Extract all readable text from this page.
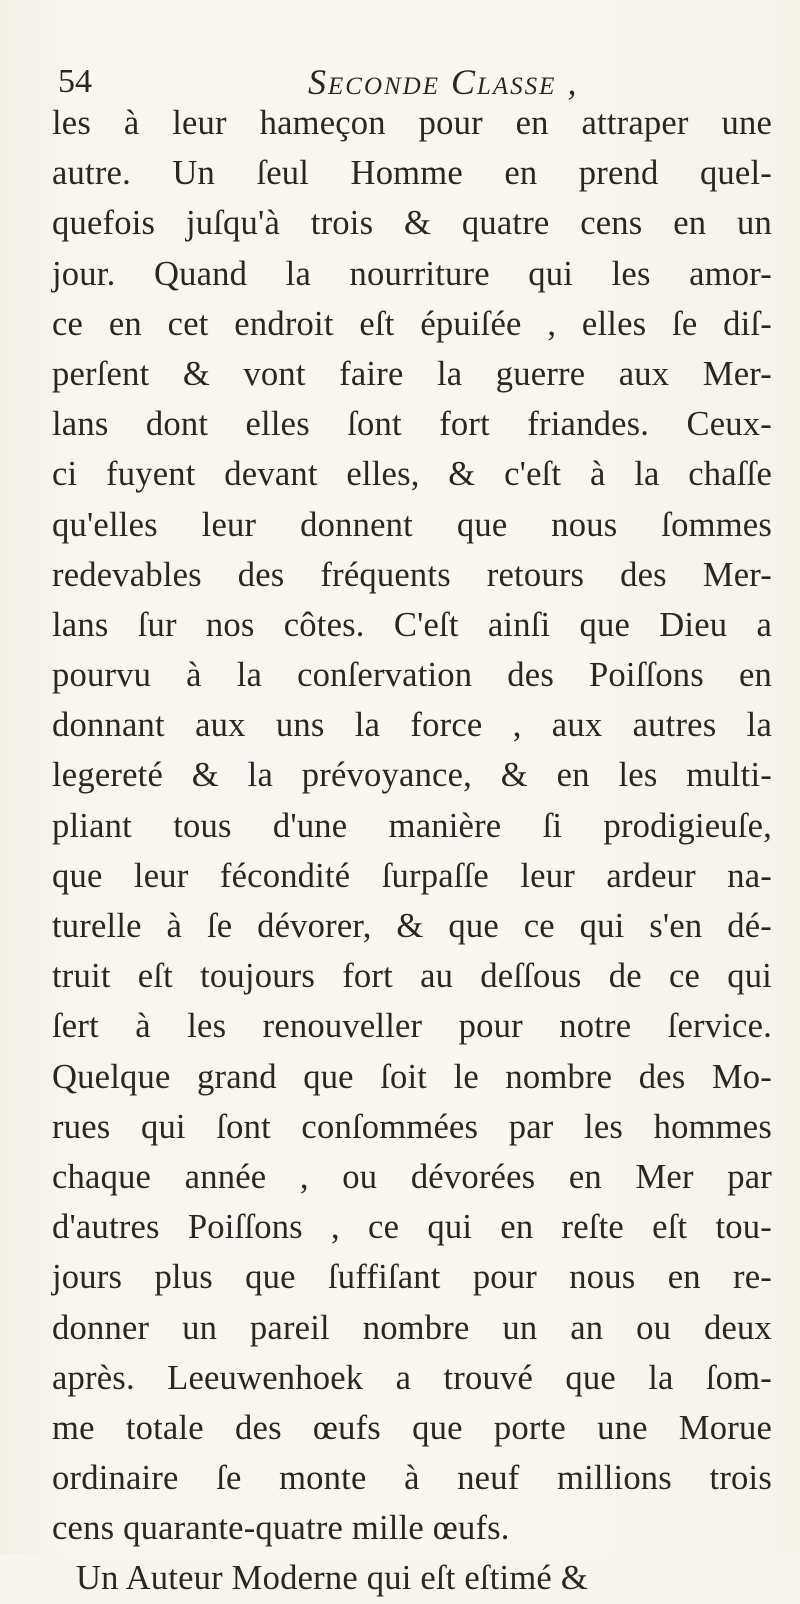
54	Seconde Classe ,
les à leur hameçon pour en attraper une
autre. Un ſeul Homme en prend quel-
quefois juſqu'à trois & quatre cens en un
jour. Quand la nourriture qui les amor-
ce en cet endroit eſt épuiſée , elles ſe diſ-
perſent & vont faire la guerre aux Mer-
lans dont elles ſont fort friandes. Ceux-
ci fuyent devant elles, & c'eſt à la chaſſe
qu'elles leur donnent que nous ſommes
redevables des fréquents retours des Mer-
lans ſur nos côtes. C'eſt ainſi que Dieu a
pourvu à la conſervation des Poiſſons en
donnant aux uns la force , aux autres la
legereté & la prévoyance, & en les multi-
pliant tous d'une manière ſi prodigieuſe,
que leur fécondité ſurpaſſe leur ardeur na-
turelle à ſe dévorer, & que ce qui s'en dé-
truit eſt toujours fort au deſſous de ce qui
ſert à les renouveller pour notre ſervice.
Quelque grand que ſoit le nombre des Mo-
rues qui ſont conſommées par les hommes
chaque année , ou dévorées en Mer par
d'autres Poiſſons , ce qui en reſte eſt tou-
jours plus que ſuffiſant pour nous en re-
donner un pareil nombre un an ou deux
après. Leeuwenhoek a trouvé que la ſom-
me totale des œufs que porte une Morue
ordinaire ſe monte à neuf millions trois
cens quarante-quatre mille œufs.
Un Auteur Moderne qui eſt eſtimé &
